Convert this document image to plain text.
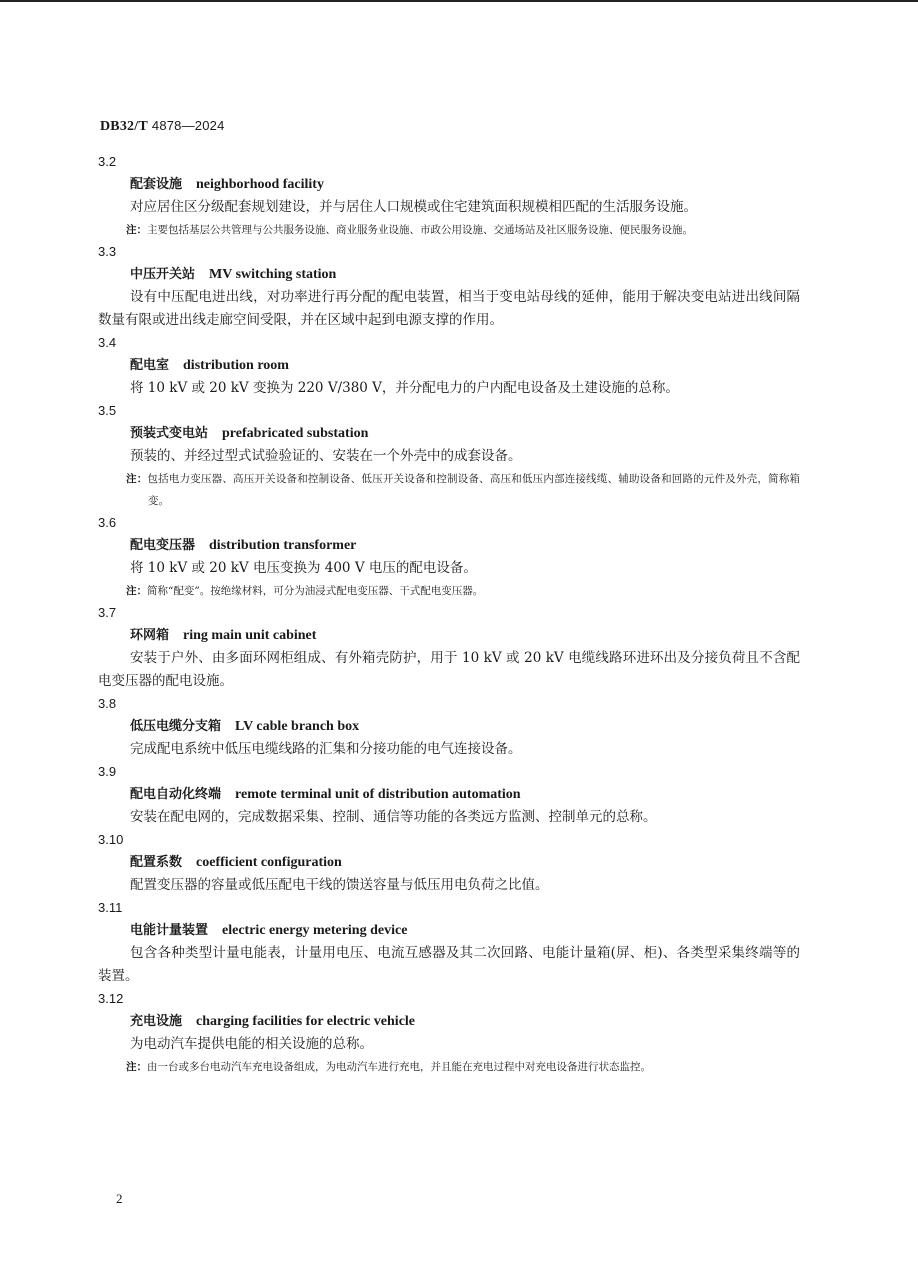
DB32/T 4878—2024
3.2
配套设施 neighborhood facility
对应居住区分级配套规划建设，并与居住人口规模或住宅建筑面积规模相匹配的生活服务设施。
注：主要包括基层公共管理与公共服务设施、商业服务业设施、市政公用设施、交通场站及社区服务设施、便民服务设施。
3.3
中压开关站 MV switching station
设有中压配电进出线，对功率进行再分配的配电装置，相当于变电站母线的延伸，能用于解决变电站进出线间隔数量有限或进出线走廊空间受限，并在区域中起到电源支撑的作用。
3.4
配电室 distribution room
将 10 kV 或 20 kV 变换为 220 V/380 V，并分配电力的户内配电设备及土建设施的总称。
3.5
预装式变电站 prefabricated substation
预装的、并经过型式试验验证的、安装在一个外壳中的成套设备。
注：包括电力变压器、高压开关设备和控制设备、低压开关设备和控制设备、高压和低压内部连接线缆、辅助设备和回路的元件及外壳，简称箱变。
3.6
配电变压器 distribution transformer
将 10 kV 或 20 kV 电压变换为 400 V 电压的配电设备。
注：简称“配变”。按绝缘材料，可分为油浸式配电变压器、干式配电变压器。
3.7
环网箱 ring main unit cabinet
安装于户外、由多面环网柜组成、有外箱壳防护，用于 10 kV 或 20 kV 电缆线路环进环出及分接负荷且不含配电变压器的配电设施。
3.8
低压电缆分支箱 LV cable branch box
完成配电系统中低压电缆线路的汇集和分接功能的电气连接设备。
3.9
配电自动化终端 remote terminal unit of distribution automation
安装在配电网的，完成数据采集、控制、通信等功能的各类远方监测、控制单元的总称。
3.10
配置系数 coefficient configuration
配置变压器的容量或低压配电干线的馈送容量与低压用电负荷之比值。
3.11
电能计量装置 electric energy metering device
包含各种类型计量电能表，计量用电压、电流互感器及其二次回路、电能计量箱(屏、柜)、各类型采集终端等的装置。
3.12
充电设施 charging facilities for electric vehicle
为电动汽车提供电能的相关设施的总称。
注：由一台或多台电动汽车充电设备组成，为电动汽车进行充电，并且能在充电过程中对充电设备进行状态监控。
2
